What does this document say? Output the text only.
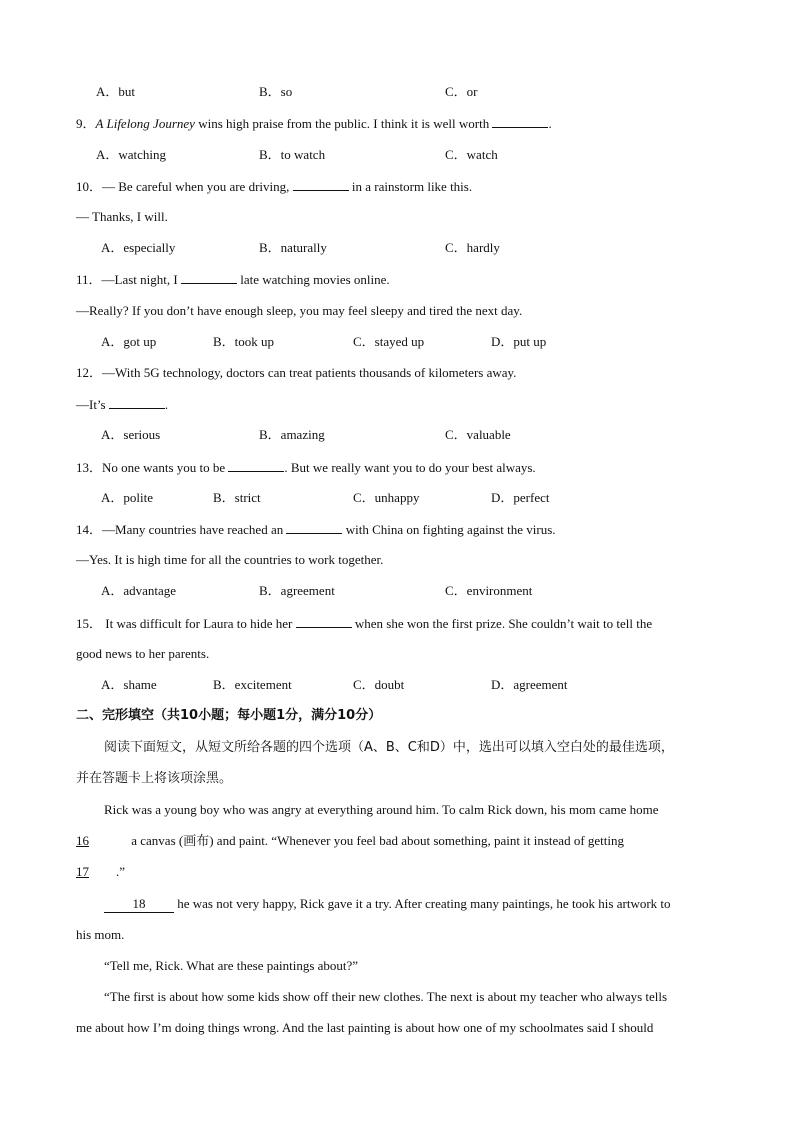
A．but	B．so	C．or
9．A Lifelong Journey wins high praise from the public. I think it is well worth	.
A．watching	B．to watch	C．watch
10．— Be careful when you are driving,	in a rainstorm like this.
— Thanks, I will.
A．especially	B．naturally	C．hardly
11．—Last night, I	late watching movies online.
—Really? If you don’t have enough sleep, you may feel sleepy and tired the next day.
A．got up	B．took up	C．stayed up	D．put up
12．—With 5G technology, doctors can treat patients thousands of kilometers away.
—It’s	.
A．serious	B．amazing	C．valuable
13．No one wants you to be	. But we really want you to do your best always.
A．polite	B．strict	C．unhappy	D．perfect
14．—Many countries have reached an	with China on fighting against the virus.
—Yes. It is high time for all the countries to work together.
A．advantage	B．agreement	C．environment
15． It was difficult for Laura to hide her	when she won the first prize. She couldn’t wait to tell the
good news to her parents.
A．shame	B．excitement	C．doubt	D．agreement
二、完形填空（共10小题；每小题1分，满分10分）
阅读下面短文，从短文所给各题的四个选项（A、B、C和D）中，选出可以填入空白处的最佳选项，
并在答题卡上将该项涂黑。
Rick was a young boy who was angry at everything around him. To calm Rick down, his mom came home
16	a canvas (画布) and paint. “Whenever you feel bad about something, paint it instead of getting
17 .”
18 he was not very happy, Rick gave it a try. After creating many paintings, he took his artwork to
his mom.
“Tell me, Rick. What are these paintings about?”
“The first is about how some kids show off their new clothes. The next is about my teacher who always tells
me about how I’m doing things wrong. And the last painting is about how one of my schoolmates said I should
